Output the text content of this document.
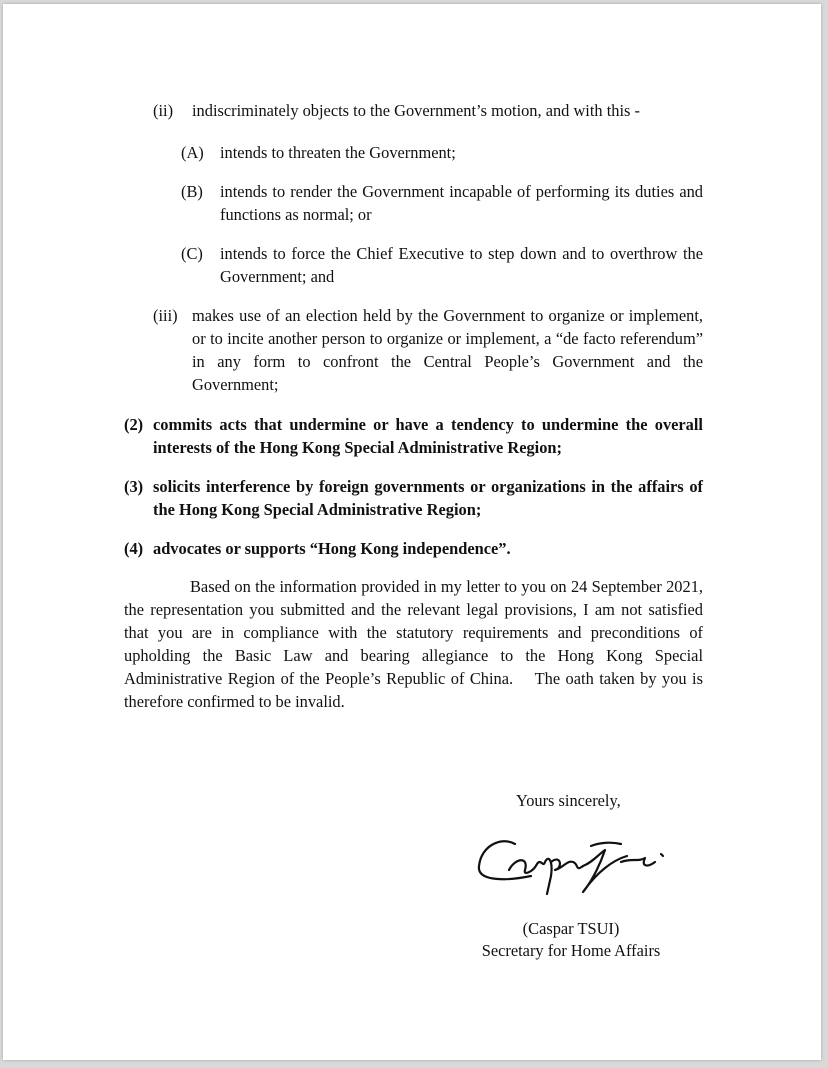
(ii) indiscriminately objects to the Government’s motion, and with this -
(A) intends to threaten the Government;
(B) intends to render the Government incapable of performing its duties and functions as normal; or
(C) intends to force the Chief Executive to step down and to overthrow the Government; and
(iii) makes use of an election held by the Government to organize or implement, or to incite another person to organize or implement, a “de facto referendum” in any form to confront the Central People’s Government and the Government;
(2) commits acts that undermine or have a tendency to undermine the overall interests of the Hong Kong Special Administrative Region;
(3) solicits interference by foreign governments or organizations in the affairs of the Hong Kong Special Administrative Region;
(4) advocates or supports “Hong Kong independence”.
Based on the information provided in my letter to you on 24 September 2021, the representation you submitted and the relevant legal provisions, I am not satisfied that you are in compliance with the statutory requirements and preconditions of upholding the Basic Law and bearing allegiance to the Hong Kong Special Administrative Region of the People’s Republic of China.    The oath taken by you is therefore confirmed to be invalid.
Yours sincerely,
(Caspar TSUI)
Secretary for Home Affairs
